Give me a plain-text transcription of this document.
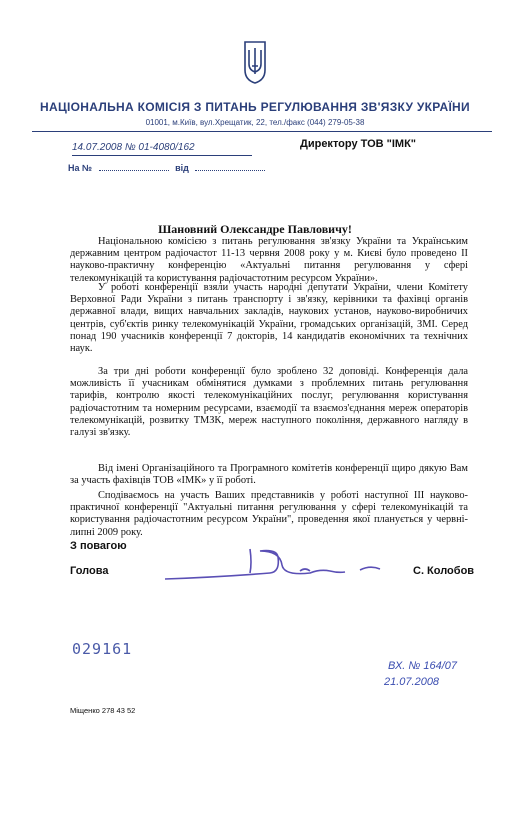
НАЦІОНАЛЬНА КОМІСІЯ З ПИТАНЬ РЕГУЛЮВАННЯ ЗВ'ЯЗКУ УКРАЇНИ
01001, м.Київ, вул.Хрещатик, 22, тел./факс (044) 279-05-38
14.07.2008 № 01-4080/162
На №	від
Директору ТОВ "ІМК"
Шановний Олександре Павловичу!

Національною комісією з питань регулювання зв'язку України та Українським державним центром радіочастот 11-13 червня 2008 року у м. Києві було проведено ІІ науково-практичну конференцію «Актуальні питання регулювання у сфері телекомунікацій та користування радіочастотним ресурсом України».

У роботі конференції взяли участь народні депутати України, члени Комітету Верховної Ради України з питань транспорту і зв'язку, керівники та фахівці органів державної влади, вищих навчальних закладів, наукових установ, науково-виробничих центрів, суб'єктів ринку телекомунікацій України, громадських організацій, ЗМІ. Серед понад 190 учасників конференції 7 докторів, 14 кандидатів економічних та технічних наук.

За три дні роботи конференції було зроблено 32 доповіді. Конференція дала можливість її учасникам обмінятися думками з проблемних питань регулювання тарифів, контролю якості телекомунікаційних послуг, регулювання користування радіочастотним та номерним ресурсами, взаємодії та взаємоз'єднання мереж операторів телекомунікацій, розвитку ТМЗК, мереж наступного покоління, державного нагляду в галузі зв'язку.

Від імені Організаційного та Програмного комітетів конференції щиро дякую Вам за участь фахівців ТОВ «ІМК» у її роботі.

Сподіваємось на участь Ваших представників у роботі наступної ІІІ науково-практичної конференції "Актуальні питання регулювання у сфері телекомунікацій та користування радіочастотним ресурсом України", проведення якої планується у червні-липні 2009 року.

З повагою
Голова	С. Колобов
029161
ВХ. № 164/07
21.07.2008
Міщенко 278 43 52
